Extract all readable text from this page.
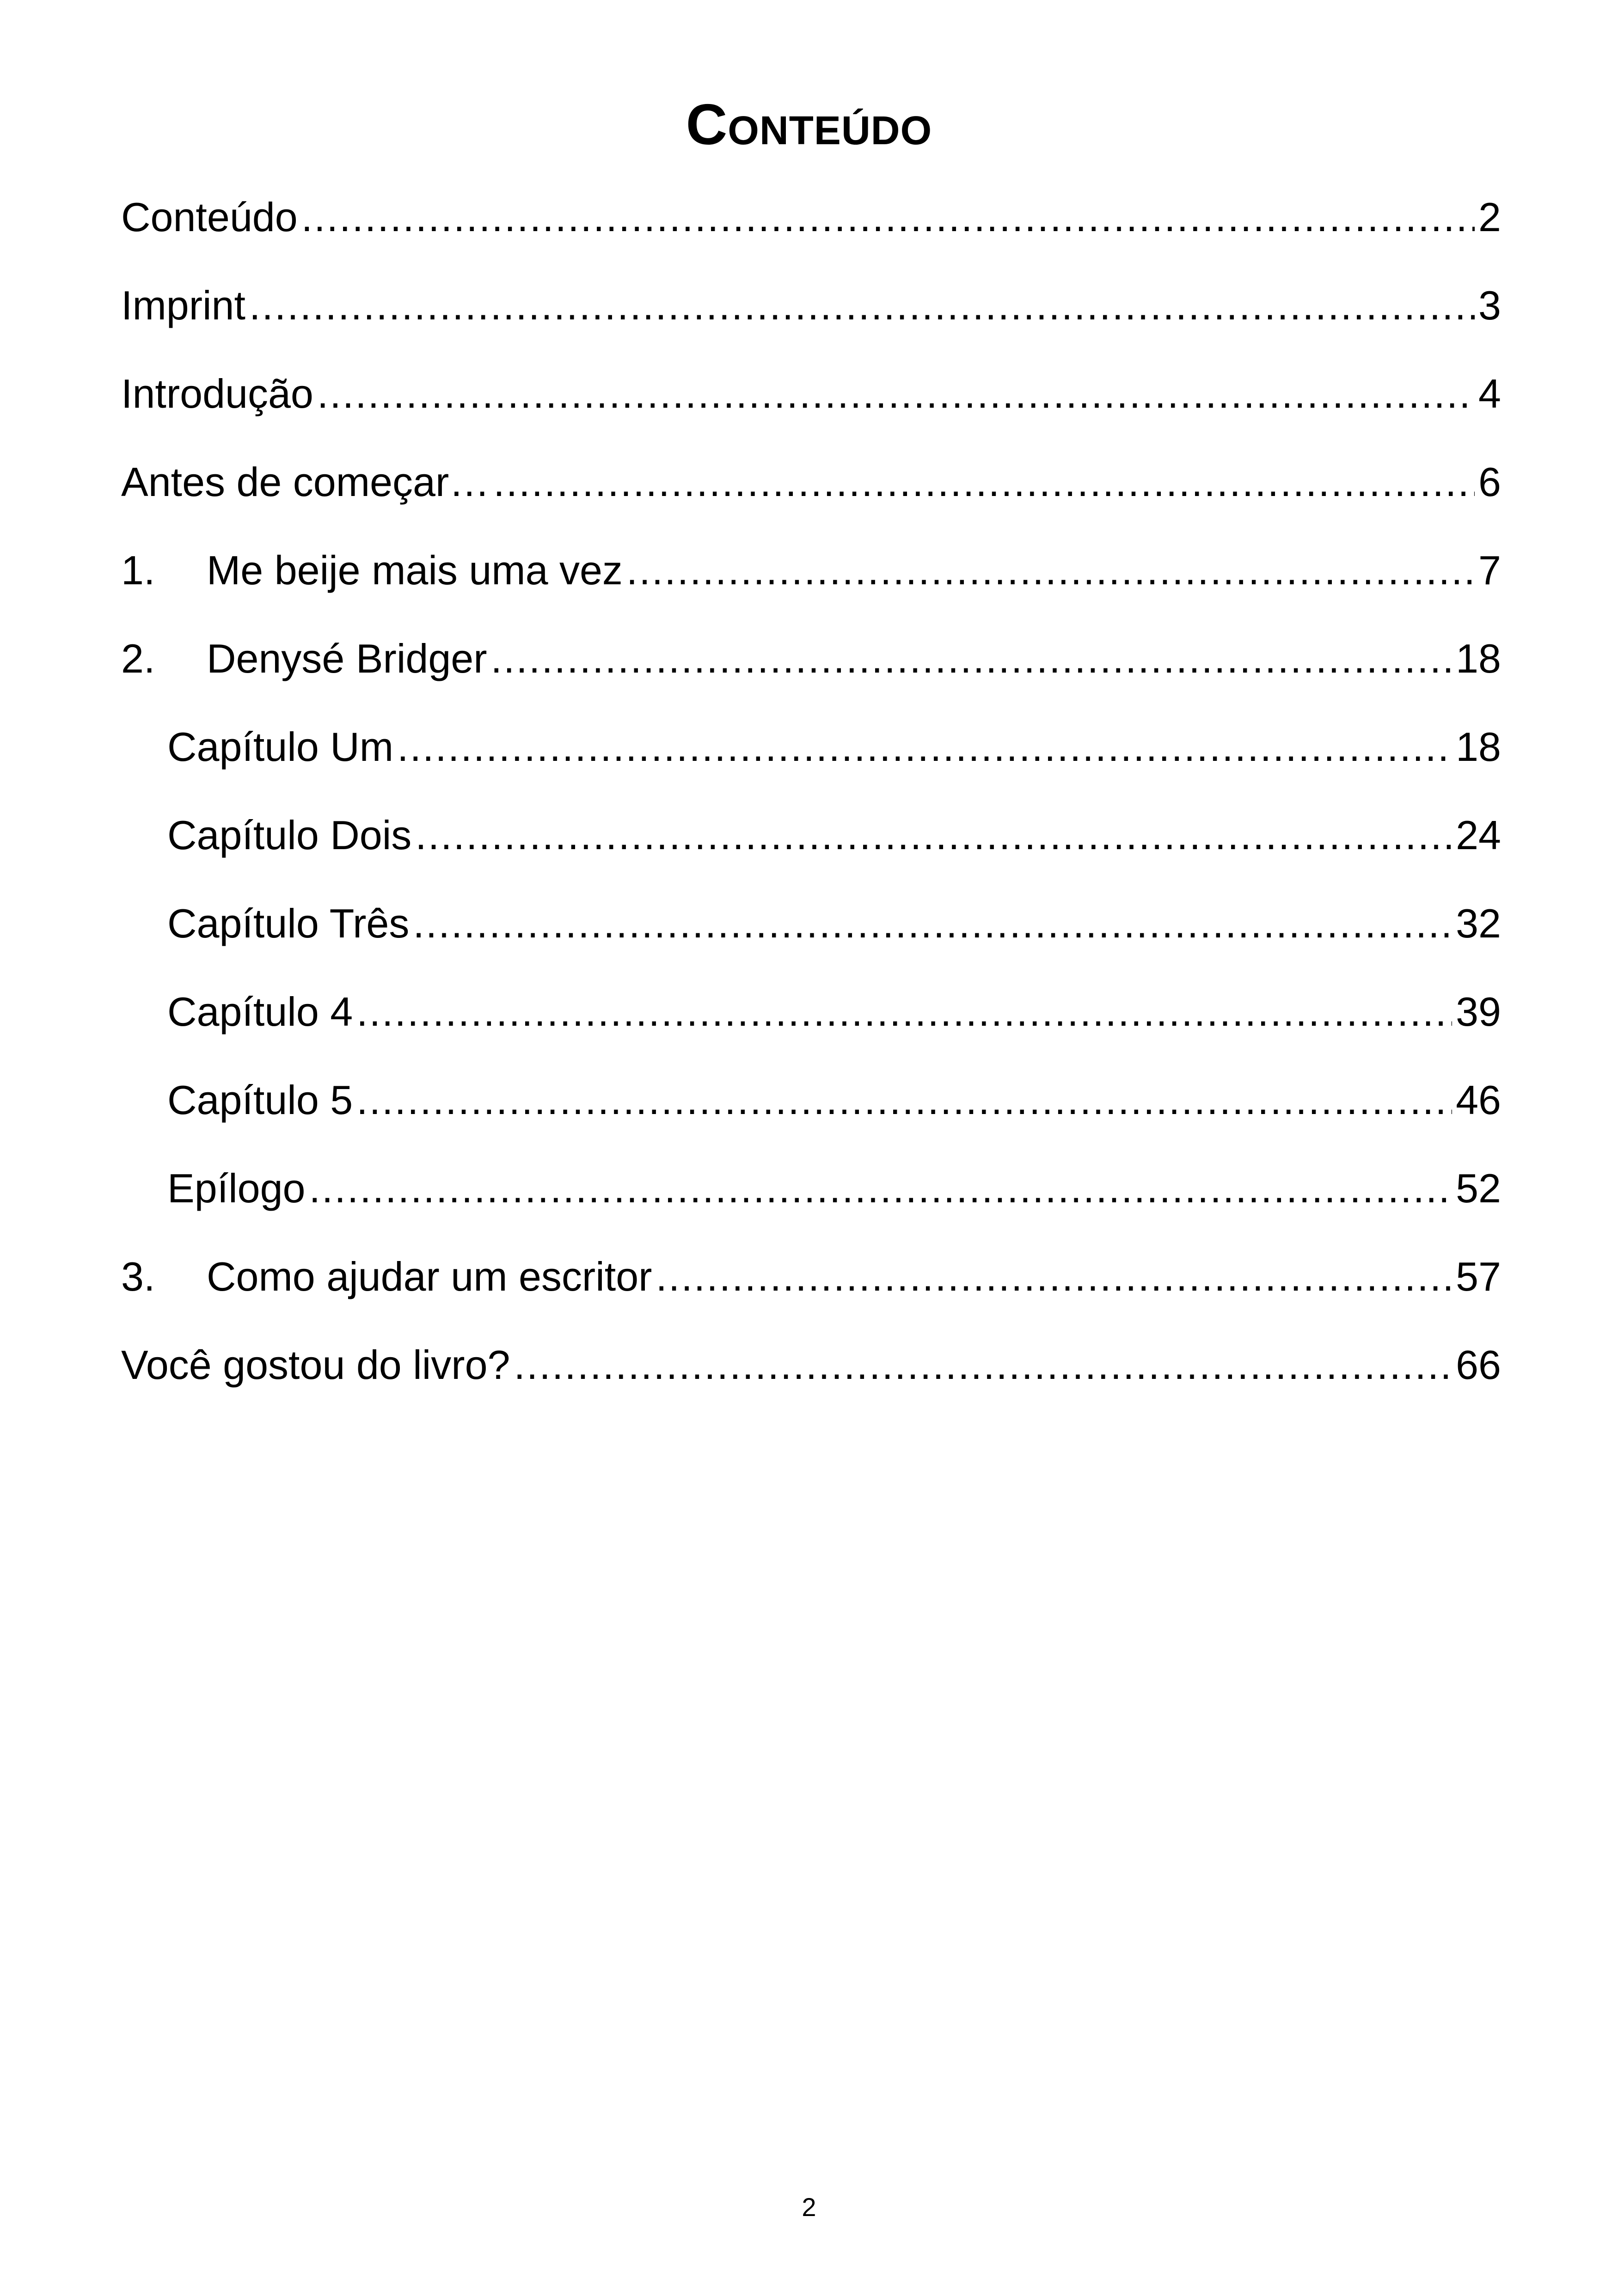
Conteúdo
Conteúdo .....	2
Imprint .....	3
Introdução .....	4
Antes de começar… .....	6
1.	Me beije mais uma vez .....	7
2.	Denysé Bridger .....	18
Capítulo Um .....	18
Capítulo Dois .....	24
Capítulo Três .....	32
Capítulo 4 .....	39
Capítulo 5 .....	46
Epílogo .....	52
3.	Como ajudar um escritor .....	57
Você gostou do livro? .....	66
2
